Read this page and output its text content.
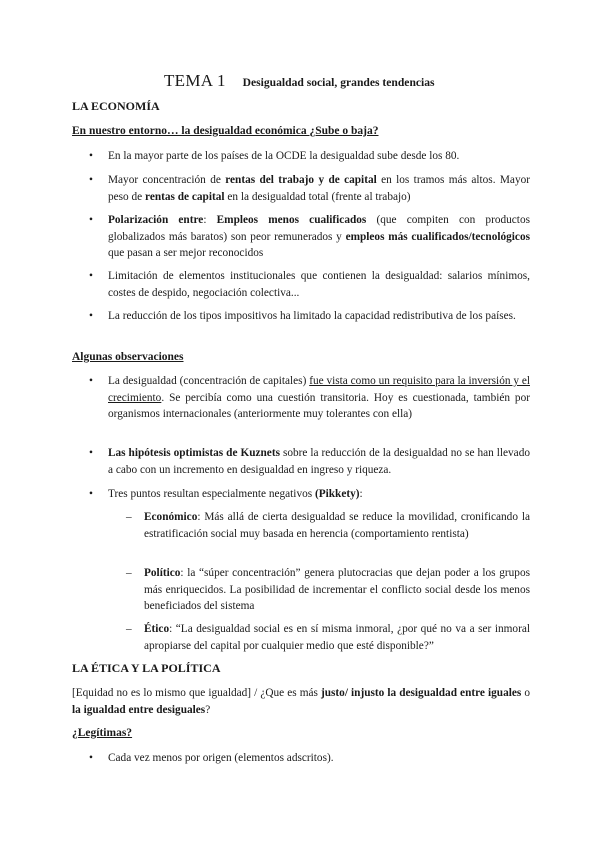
TEMA 1 Desigualdad social, grandes tendencias
LA ECONOMÍA
En nuestro entorno… la desigualdad económica ¿Sube o baja?
• En la mayor parte de los países de la OCDE la desigualdad sube desde los 80.
• Mayor concentración de rentas del trabajo y de capital en los tramos más altos. Mayor peso de rentas de capital en la desigualdad total (frente al trabajo)
• Polarización entre: Empleos menos cualificados (que compiten con productos globalizados más baratos) son peor remunerados y empleos más cualificados/tecnológicos que pasan a ser mejor reconocidos
• Limitación de elementos institucionales que contienen la desigualdad: salarios mínimos, costes de despido, negociación colectiva...
• La reducción de los tipos impositivos ha limitado la capacidad redistributiva de los países.
Algunas observaciones
• La desigualdad (concentración de capitales) fue vista como un requisito para la inversión y el crecimiento. Se percibía como una cuestión transitoria. Hoy es cuestionada, también por organismos internacionales (anteriormente muy tolerantes con ella)
• Las hipótesis optimistas de Kuznets sobre la reducción de la desigualdad no se han llevado a cabo con un incremento en desigualdad en ingreso y riqueza.
• Tres puntos resultan especialmente negativos (Pikkety):
– Económico: Más allá de cierta desigualdad se reduce la movilidad, cronificando la estratificación social muy basada en herencia (comportamiento rentista)
– Político: la “súper concentración” genera plutocracias que dejan poder a los grupos más enriquecidos. La posibilidad de incrementar el conflicto social desde los menos beneficiados del sistema
– Ético: “La desigualdad social es en sí misma inmoral, ¿por qué no va a ser inmoral apropiarse del capital por cualquier medio que esté disponible?”
LA ÉTICA Y LA POLÍTICA
[Equidad no es lo mismo que igualdad] / ¿Que es más justo/ injusto la desigualdad entre iguales o la igualdad entre desiguales?
¿Legítimas?
• Cada vez menos por origen (elementos adscritos).
